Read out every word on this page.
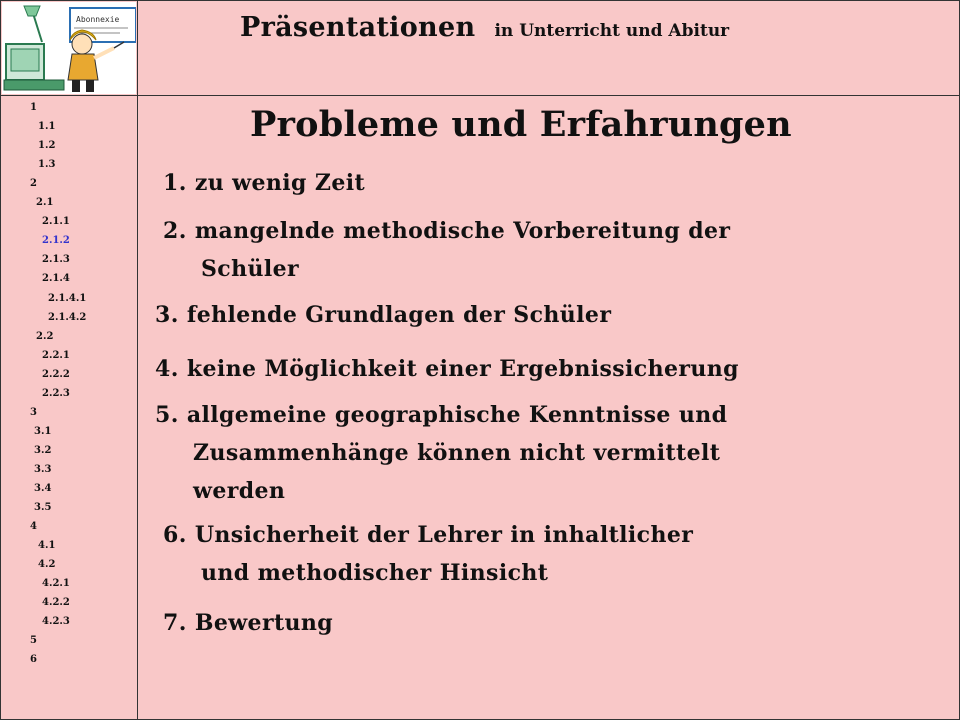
Abonnexie	Präsentationen in Unterricht und Abitur
1
1.1
1.2
1.3
2
2.1
2.1.1
2.1.2
2.1.3
2.1.4
2.1.4.1
2.1.4.2
2.2
2.2.1
2.2.2
2.2.3
3
3.1
3.2
3.3
3.4
3.5
4
4.1
4.2
4.2.1
4.2.2
4.2.3
5
6
Probleme und Erfahrungen
1. zu wenig Zeit
2. mangelnde methodische Vorbereitung der
Schüler
3. fehlende Grundlagen der Schüler
4. keine Möglichkeit einer Ergebnissicherung
5. allgemeine geographische Kenntnisse und
Zusammenhänge können nicht vermittelt
werden
6. Unsicherheit der Lehrer in inhaltlicher
und methodischer Hinsicht
7. Bewertung
